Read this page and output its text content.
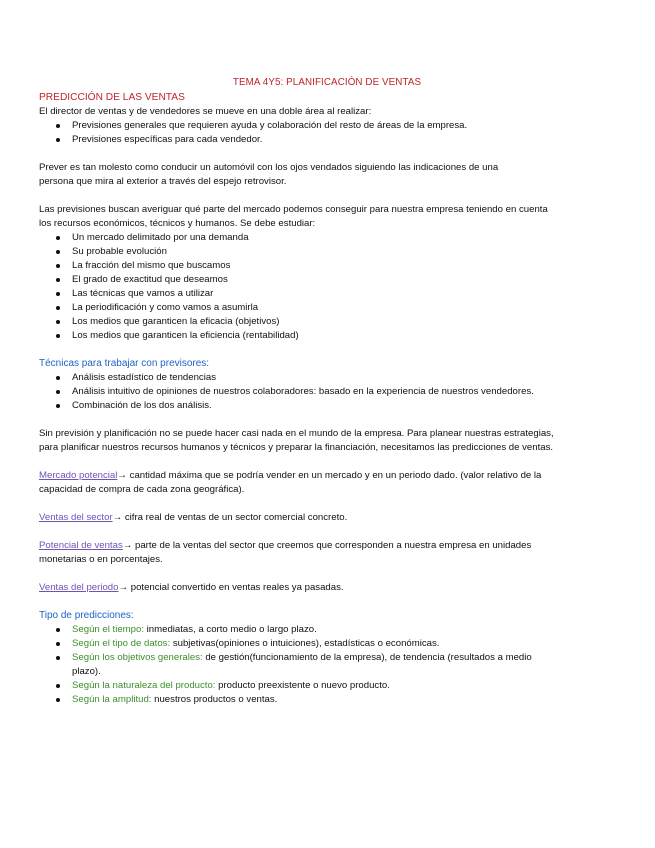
TEMA 4Y5: PLANIFICACIÓN DE VENTAS
PREDICCIÓN DE LAS VENTAS

El director de ventas y de vendedores se mueve en una doble área al realizar:

Previsiones generales que requieren ayuda y colaboración del resto de áreas de la empresa.
Previsiones específicas para cada vendedor.

Prever es tan molesto como conducir un automóvil con los ojos vendados siguiendo las indicaciones de una
persona que mira al exterior a través del espejo retrovisor.

Las previsiones buscan averiguar qué parte del mercado podemos conseguir para nuestra empresa teniendo en cuenta
los recursos económicos, técnicos y humanos. Se debe estudiar:

Un mercado delimitado por una demanda
Su probable evolución
La fracción del mismo que buscamos
El grado de exactitud que deseamos
Las técnicas que vamos a utilizar
La periodificación y como vamos a asumirla
Los medios que garanticen la eficacia (objetivos)
Los medios que garanticen la eficiencia (rentabilidad)
Técnicas para trabajar con previsores:
Análisis estadístico de tendencias
Análisis intuitivo de opiniones de nuestros colaboradores: basado en la experiencia de nuestros vendedores.
Combinación de los dos análisis.

Sin previsión y planificación no se puede hacer casi nada en el mundo de la empresa. Para planear nuestras estrategias,
para planificar nuestros recursos humanos y técnicos y preparar la financiación, necesitamos las predicciones de ventas.

Mercado potencial→ cantidad máxima que se podría vender en un mercado y en un periodo dado. (valor relativo de la
capacidad de compra de cada zona geográfica).

Ventas del sector→ cifra real de ventas de un sector comercial concreto.

Potencial de ventas→ parte de la ventas del sector que creemos que corresponden a nuestra empresa en unidades
monetarias o en porcentajes.

Ventas del periodo→ potencial convertido en ventas reales ya pasadas.

Tipo de predicciones:
Según el tiempo: inmediatas, a corto medio o largo plazo.
Según el tipo de datos: subjetivas(opiniones o intuiciones), estadísticas o económicas.
Según los objetivos generales: de gestión(funcionamiento de la empresa), de tendencia (resultados a medio
plazo).
Según la naturaleza del producto: producto preexistente o nuevo producto.
Según la amplitud: nuestros productos o ventas.
